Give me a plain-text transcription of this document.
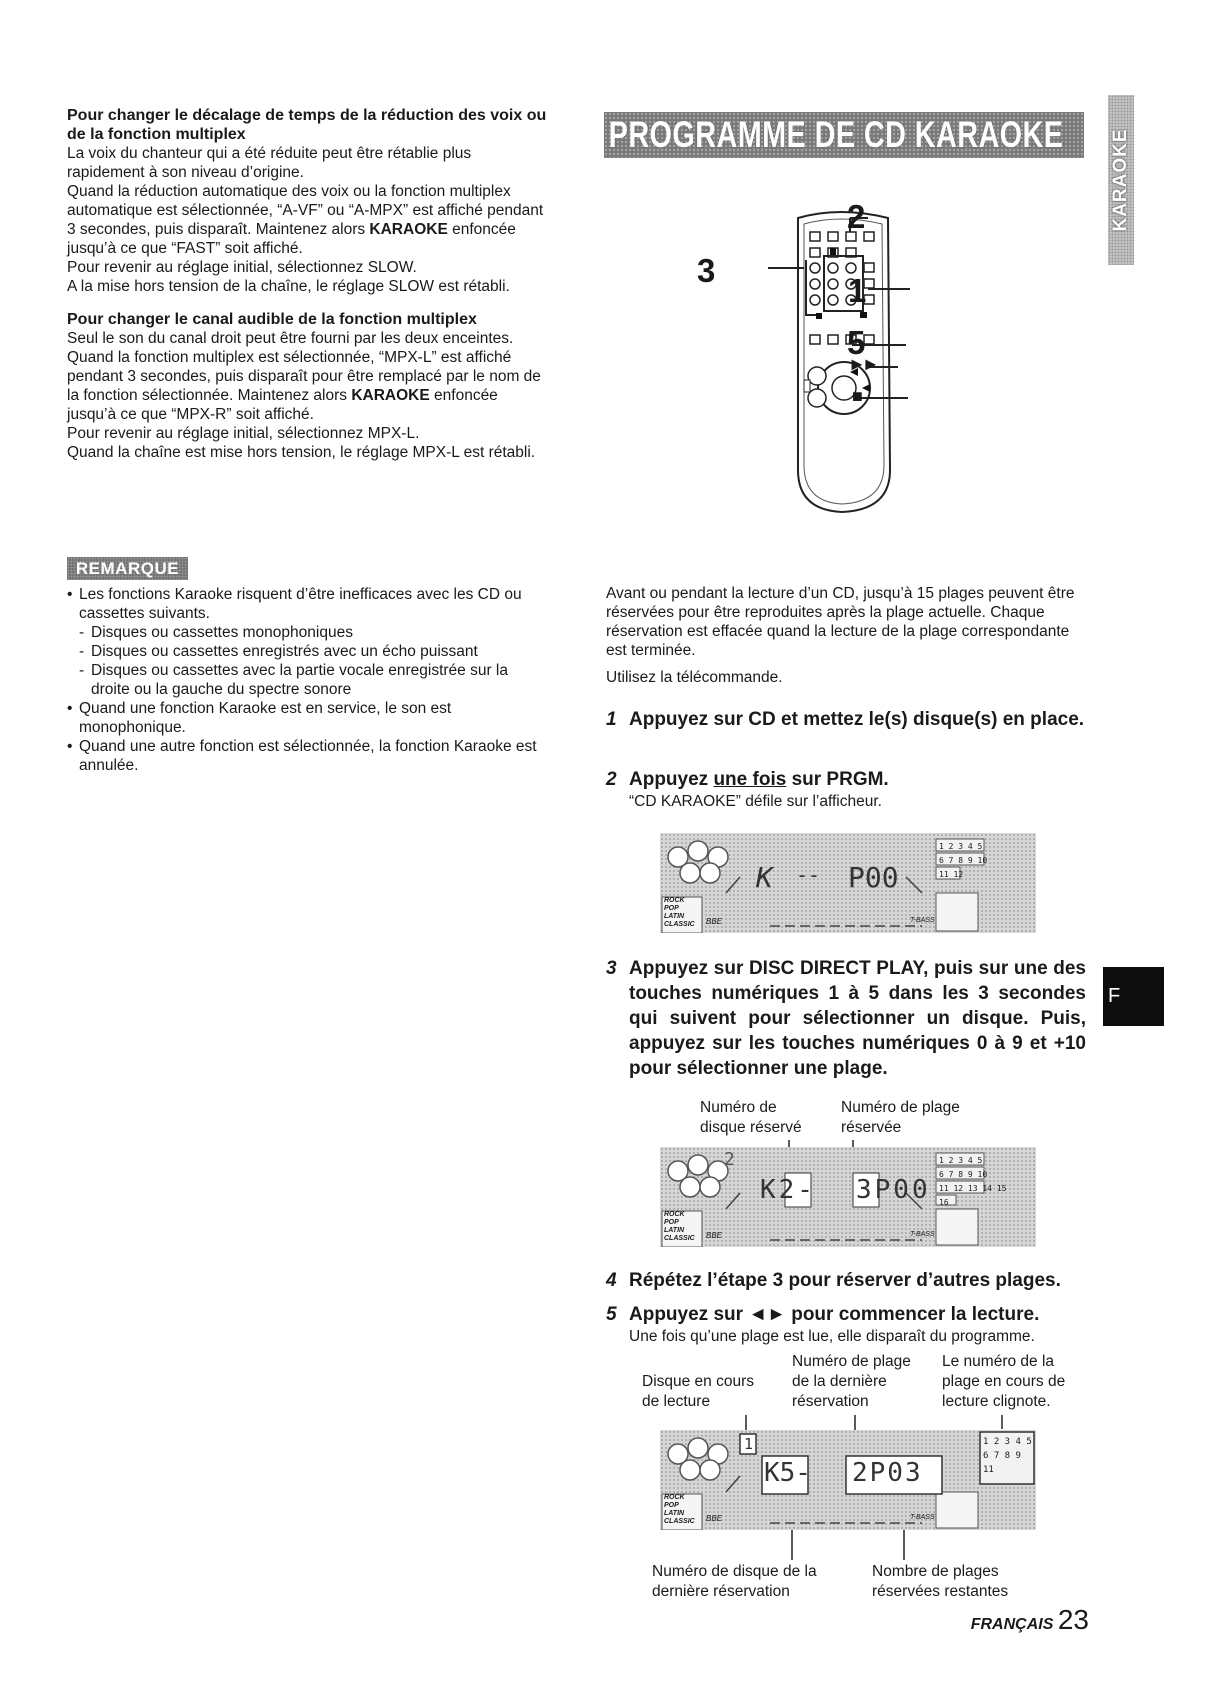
Pour changer le décalage de temps de la réduction des voix ou de la fonction multiplex

La voix du chanteur qui a été réduite peut être rétablie plus rapidement à son niveau d’origine.

Quand la réduction automatique des voix ou la fonction multiplex automatique est sélectionnée, “A-VF” ou “A-MPX” est affiché pendant 3 secondes, puis disparaît. Maintenez alors KARAOKE enfoncée jusqu’à ce que “FAST” soit affiché.

Pour revenir au réglage initial, sélectionnez SLOW.

A la mise hors tension de la chaîne, le réglage SLOW est rétabli.

Pour changer le canal audible de la fonction multiplex

Seul le son du canal droit peut être fourni par les deux enceintes.

Quand la fonction multiplex est sélectionnée, “MPX-L” est affiché pendant 3 secondes, puis disparaît pour être remplacé par le nom de la fonction sélectionnée. Maintenez alors KARAOKE enfoncée jusqu’à ce que “MPX-R” soit affiché.

Pour revenir au réglage initial, sélectionnez MPX-L.

Quand la chaîne est mise hors tension, le réglage MPX-L est rétabli.

REMARQUE
• Les fonctions Karaoke risquent d’être inefficaces avec les CD ou cassettes suivants.
- Disques ou cassettes monophoniques
- Disques ou cassettes enregistrés avec un écho puissant
- Disques ou cassettes avec la partie vocale enregistrée sur la droite ou la gauche du spectre sonore
• Quand une fonction Karaoke est en service, le son est monophonique.
• Quand une autre fonction est sélectionnée, la fonction Karaoke est annulée.
PROGRAMME DE CD KARAOKE KARAOKE
2
1
3
5
►►
■

Avant ou pendant la lecture d’un CD, jusqu’à 15 plages peuvent être réservées pour être reproduites après la plage actuelle. Chaque réservation est effacée quand la lecture de la plage correspondante est terminée.

Utilisez la télécommande.

1 Appuyez sur CD et mettez le(s) disque(s) en place.
2 Appuyez une fois sur PRGM.
“CD KARAOKE” défile sur l’afficheur.
ROCK
POP
LATIN
CLASSIC
K -- P00
BBE	T-BASS
1 2 3 4 5
6 7 8 9 10
11 12
3 Appuyez sur DISC DIRECT PLAY, puis sur une des touches numériques 1 à 5 dans les 3 secondes qui suivent pour sélectionner un disque. Puis, appuyez sur les touches numériques 0 à 9 et +10 pour sélectionner une plage.
Numéro de disque réservé
Numéro de plage réservée
ROCK
POP
LATIN
CLASSIC
2
K2- 3P00
BBE	T-BASS
1 2 3 4 5
6 7 8 9 10
11 12 13 14 15
16
4 Répétez l’étape 3 pour réserver d’autres plages.
5 Appuyez sur ◄► pour commencer la lecture.
Une fois qu’une plage est lue, elle disparaît du programme.
Disque en cours de lecture
Numéro de plage de la dernière réservation
Le numéro de la plage en cours de lecture clignote.
ROCK
POP
LATIN
CLASSIC
1
K5- 2P03
BBE	T-BASS
1 2 3 4 5
6 7 8 9
11
Numéro de disque de la dernière réservation
Nombre de plages réservées restantes
F
FRANÇAIS 23
